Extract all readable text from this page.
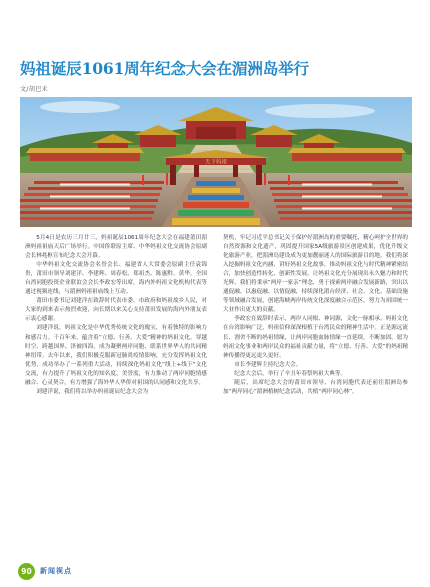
妈祖诞辰1061周年纪念大会在湄洲岛举行
文/胡巴禾
天下妈祖

5月4日是农历三月廿三，妈祖诞辰1061周年纪念大会在福建莆田湄洲妈祖祖庙天后广场举行。中国侨联原主席、中华妈祖文化交流协会原副会长林兆枢宣布纪念大会开幕。

中华妈祖文化交流协会名誉会长、福建省人大常委会原副主任袁锦贵，莆田市领导刘建洋、李建辉、周春松、郑祖杰、陈惠黔、黄华，全国台湾同胞投资企业联谊会会长李政宏等出席。海内外妈祖文化机构代表等通过视频连线，与湄洲妈祖祖庙线上互动。

莆田市委书记刘建洋在致辞时代表市委、市政府和妈祖故乡人民，对大家的到来表示热烈欢迎，向长期以来关心支持莆田发展的海内外朋友表示衷心感谢。

刘建洋说，妈祖文化是中华优秀传统文化的瑰宝，有着独特的影响力和感召力。千百年来，蕴含着“立德、行善、大爱”精神的妈祖文化，穿越时空、跨越国界、泽被四海，成为凝聚两岸同胞、联系世界华人的共同精神纽带。去年以来，我们积极克服新冠肺炎疫情影响，充分发挥妈祖文化优势，成功举办了一系列重大活动，持续深化妈祖文化“线上+线下”文化交流，有力提升了妈祖文化的知名度、美誉度，有力推动了两岸同胞情感融合、心灵契合，有力增强了海外华人华侨对祖国的认同感和文化共享。

刘建洋说，我们将以举办妈祖诞辰纪念大会为

契机，牢记习近平总书记关于保护好湄洲岛的重要嘱托，精心呵护全世界的自然资源和文化遗产，巩固提升国家5A级旅游景区创建成果，优化升级文化旅游产业，把湄洲岛建设成为更加靓丽迷人的国际旅游目的地。我们将深入挖掘妈祖文化内涵，讲好妈祖文化故事，推动妈祖文化与时代精神紧密结合，加快创造性转化、创新性发展，让妈祖文化充分展现出永久魅力和时代光辉。我们将秉承“两岸一家亲”理念，勇于探索两岸融合发展新路，突出以通促融、以惠促融、以情促融，持续深化湄台经济、社会、文化、基础设施等领域融合发展，创建海峡两岸传统文化深度融合示范区，努力为祖国统一大业作出更大的贡献。

李政宏在致辞时表示，两岸人同根、神同源，文化一脉相承。妈祖文化在台湾影响广泛，妈祖信仰深深根植于台湾民众的精神生活中。正是源远流长、割舍不断的妈祖情缘，让两岸同胞血脉情缘一直延续，不断加固。愿为妈祖文化事业和两岸民众的福祉贡献力量，将“立德、行善、大爱”的妈祖精神传播得更远更久更好。

市长李建辉主持纪念大会。

纪念大会后，举行了辛丑年春祭妈祖大典等。

随后，出席纪念大会的莆田市领导、台湾同胞代表还前往湄洲岛参加“两岸同心”湄洲植树纪念活动，共植“两岸同心林”。

90	新闻视点
